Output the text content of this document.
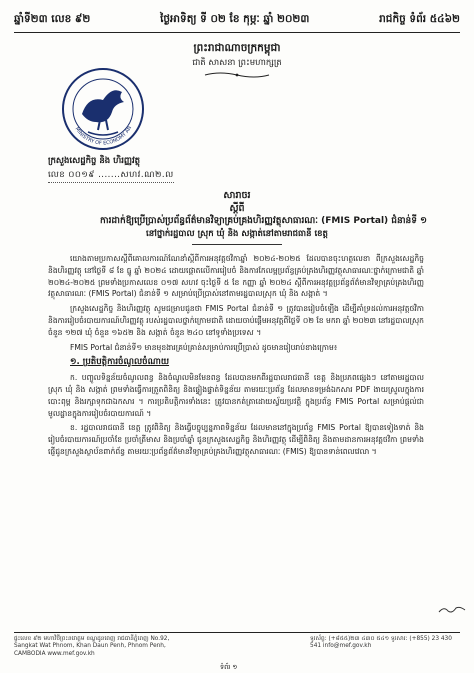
ឆ្នាំទី២៣ លេខ ៩២	ថ្ងៃអាទិត្យ ទី ០២ ខែ កុម្ភៈ ឆ្នាំ ២០២៣	រាជកិច្ច ទំព័រ ៥៤៦២
ព្រះរាជាណាចក្រកម្ពុជា
ជាតិ សាសនា ព្រះមហាក្សត្រ
MINISTRY OF ECONOMY AN
ក្រសួងសេដ្ឋកិច្ច និង ហិរញ្ញវត្ថុ
លេខ ០០១៩ .......សហវ.ណ២.ល
សារាចរ
ស្តីពី
ការដាក់ឱ្យប្រើប្រាស់ប្រព័ន្ធព័ត៌មានវិទ្យាគ្រប់គ្រងហិរញ្ញវត្ថុសាធារណៈ (FMIS Portal) ជំនាន់ទី ១
នៅថ្នាក់រដ្ឋបាល ស្រុក ឃុំ និង សង្កាត់នៅតាមរាជធានី ខេត្ត

យោងតាមប្រកាសស្តីពីគោលការណ៍ណែនាំស្តីពីការអនុវត្តថវិកាឆ្នាំ ២០២៤-២០២៥ ដែលបានចុះហត្ថលេខា ពីក្រសួងសេដ្ឋកិច្ច និងហិរញ្ញវត្ថុ នៅថ្ងៃទី ៨ ខែ ធ្នូ ឆ្នាំ ២០២៤ ដោយផ្តោតលើការរៀបចំ និងការកែលម្អប្រព័ន្ធគ្រប់គ្រងហិរញ្ញវត្ថុសាធារណៈថ្នាក់ក្រោមជាតិ ឆ្នាំ ២០២៤-២០២៥ ព្រមទាំងប្រកាសលេខ ០១៧ សហវ ចុះថ្ងៃទី ៥ ខែ កញ្ញា ឆ្នាំ ២០២៤ ស្តីពីការអនុវត្តប្រព័ន្ធព័ត៌មានវិទ្យាគ្រប់គ្រងហិរញ្ញវត្ថុសាធារណៈ (FMIS Portal) ជំនាន់ទី ១ សម្រាប់ប្រើប្រាស់នៅតាមរដ្ឋបាលស្រុក ឃុំ និង សង្កាត់ ។

ក្រសួងសេដ្ឋកិច្ច និងហិរញ្ញវត្ថុ សូមជម្រាបជូនថា FMIS Portal ជំនាន់ទី ១ ត្រូវបានរៀបចំឡើង ដើម្បីគាំទ្រដល់ការអនុវត្តថវិកា និងការរៀបចំរបាយការណ៍ហិរញ្ញវត្ថុ របស់រដ្ឋបាលថ្នាក់ក្រោមជាតិ ដោយចាប់ផ្តើមអនុវត្តពីថ្ងៃទី ០២ ខែ មករា ឆ្នាំ ២០២៣ នៅរដ្ឋបាលស្រុក ចំនួន ១២៧ ឃុំ ចំនួន ១៦៥២ និង សង្កាត់ ចំនួន ២៤០ នៅទូទាំងប្រទេស ។

FMIS Portal ជំនាន់ទី១ មានមុខងារគ្រប់គ្រាន់សម្រាប់ការប្រើប្រាស់ ដូចមានរៀបរាប់ខាងក្រោម៖

១. ប្រតិបត្តិការចំណូលចំណាយ

ក. បញ្ចូលទិន្នន័យចំណូលពន្ធ និងចំណូលមិនមែនពន្ធ ដែលបានមកពីរដ្ឋបាលរាជធានី ខេត្ត និងប្រភពផ្សេងៗ នៅតាមរដ្ឋបាលស្រុក ឃុំ និង សង្កាត់ ព្រមទាំងធ្វើការត្រួតពិនិត្យ និងផ្ទៀងផ្ទាត់ទិន្នន័យ តាមរយៈប្រព័ន្ធ ដែលមានទម្រង់ឯកសារ PDF ងាយស្រួលក្នុងការបោះពុម្ព និងរក្សាទុកជាឯកសារ ។ ការប្រតិបត្តិការទាំងនេះ ត្រូវបានកត់ត្រាដោយស្វ័យប្រវត្តិ ក្នុងប្រព័ន្ធ FMIS Portal សម្រាប់ផ្តល់ជាមូលដ្ឋានក្នុងការរៀបចំរបាយការណ៍ ។

ខ. រដ្ឋបាលរាជធានី ខេត្ត ត្រូវពិនិត្យ និងធ្វើបច្ចុប្បន្នភាពទិន្នន័យ ដែលមាននៅក្នុងប្រព័ន្ធ FMIS Portal ឱ្យបានទៀងទាត់ និងរៀបចំរបាយការណ៍ប្រចាំខែ ប្រចាំត្រីមាស និងប្រចាំឆ្នាំ ជូនក្រសួងសេដ្ឋកិច្ច និងហិរញ្ញវត្ថុ ដើម្បីពិនិត្យ និងតាមដានការអនុវត្តថវិកា ព្រមទាំងផ្ញើជូនក្រសួងស្ថាប័នពាក់ព័ន្ធ តាមរយៈប្រព័ន្ធព័ត៌មានវិទ្យាគ្រប់គ្រងហិរញ្ញវត្ថុសាធារណៈ (FMIS) ឱ្យបានទាន់ពេលវេលា ។

ផ្ទះលេខ ៩២ មហាវិថីព្រះនរោត្តម ខណ្ឌដូនពេញ រាជធានីភ្នំពេញ No.92, Sangkat Wat Phnom, Khan Daun Penh, Phnom Penh, CAMBODIA www.mef.gov.kh
ទូរស័ព្ទ: (+៨៥៥)២៣ ៤៣០ ៥៤១ ទូរសារ: (+855) 23 430 541 info@mef.gov.kh
ទំព័រ ១
